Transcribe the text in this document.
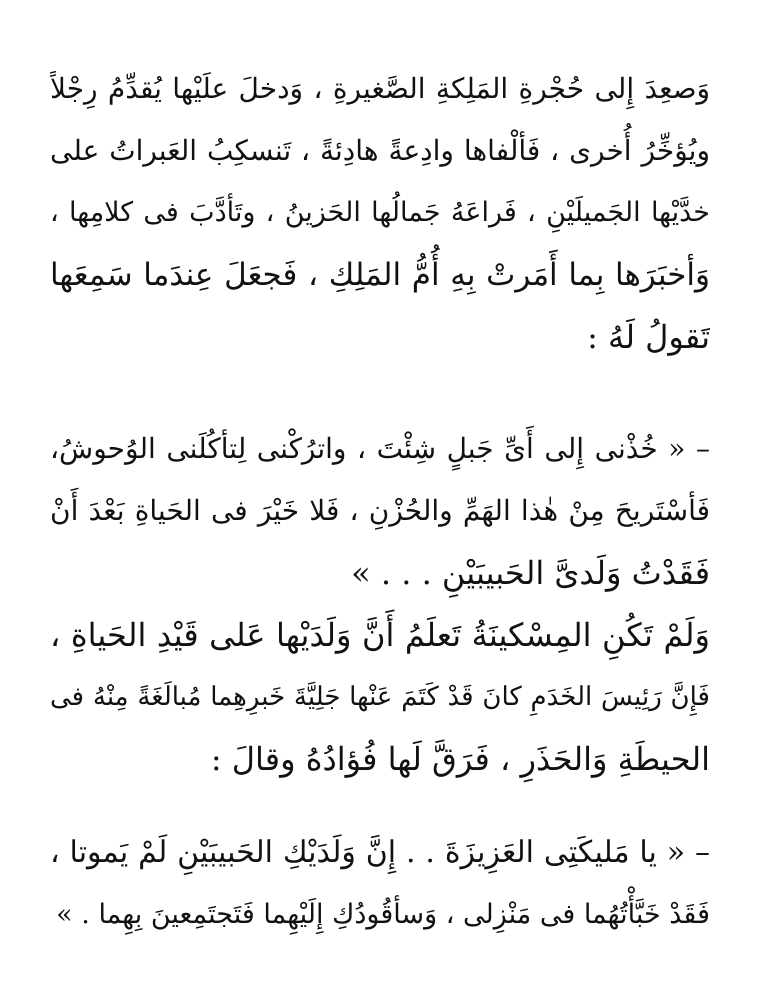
وَصعِدَ إِلى حُجْرةِ المَلِكةِ الصَّغيرةِ ، وَدخلَ علَيْها يُقدِّمُ رِجْلاً
ويُؤخِّرُ أُخرى ، فَألْفاها وادِعةً هادِئةً ، تَنسكِبُ العَبراتُ على
خدَّيْها الجَميلَيْنِ ، فَراعَهُ جَمالُها الحَزينُ ، وتَأدَّبَ فى كلامِها ،
وَأخبَرَها بِما أَمَرتْ بِهِ أُمُّ المَلِكِ ، فَجعَلَ عِندَما سَمِعَها
تَقولُ لَهُ :
– « خُذْنى إِلى أَىِّ جَبلٍ شِئْتَ ، واترُكْنى لِتأكُلَنى الوُحوشُ،
فَأسْتَريحَ مِنْ هٰذا الهَمِّ والحُزْنِ ، فَلا خَيْرَ فى الحَياةِ بَعْدَ أَنْ
فَقَدْتُ وَلَدىَّ الحَبيبَيْنِ . . . »
وَلَمْ تَكُنِ المِسْكينَةُ تَعلَمُ أَنَّ وَلَدَيْها عَلى قَيْدِ الحَياةِ ،
فَإِنَّ رَئِيسَ الخَدَمِ كانَ قَدْ كَتَمَ عَنْها جَلِيَّةَ خَبرِهِما مُبالَغَةً مِنْهُ فى
الحيطَةِ وَالحَذَرِ ، فَرَقَّ لَها فُؤادُهُ وقالَ :
– « يا مَليكَتِى العَزِيزَةَ . . إِنَّ وَلَدَيْكِ الحَبيبَيْنِ لَمْ يَموتا ،
فَقَدْ خَبَّأْتُهُما فى مَنْزِلى ، وَسأقُودُكِ إِلَيْهِما فَتَجتَمِعينَ بِهِما . »
